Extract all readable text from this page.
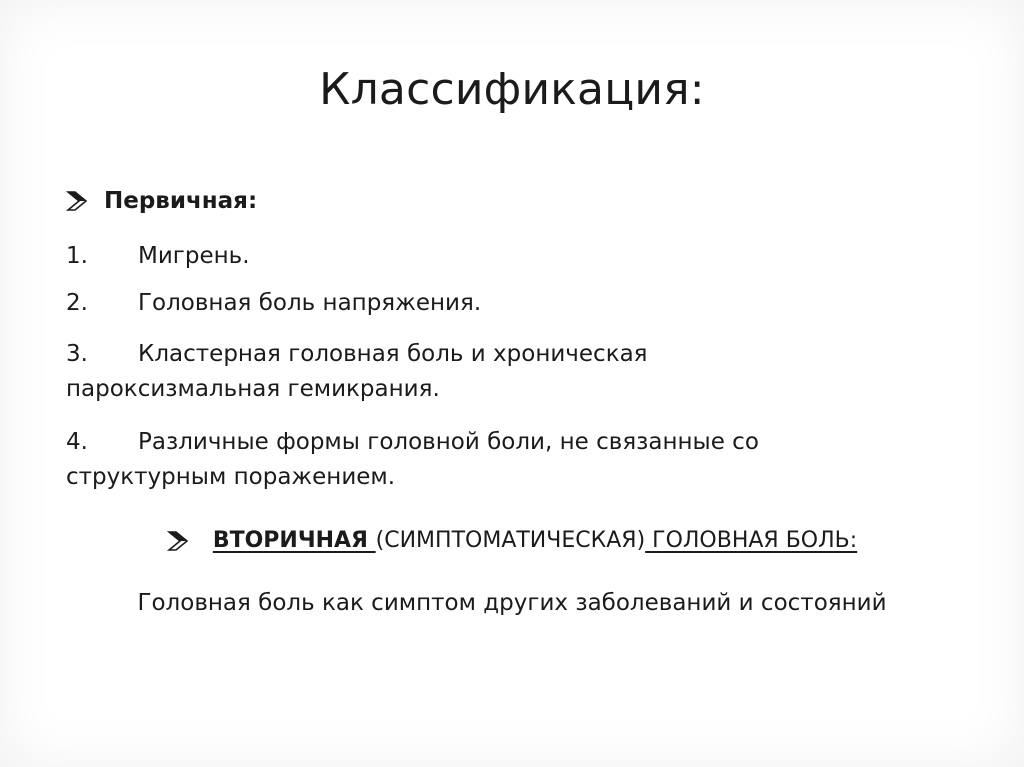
Классификация:
Первичная:
1. Мигрень.
2. Головная боль напряжения.
3. Кластерная головная боль и хроническая
пароксизмальная гемикрания.
4. Различные формы головной боли, не связанные со
структурным поражением.
ВТОРИЧНАЯ (СИМПТОМАТИЧЕСКАЯ) ГОЛОВНАЯ БОЛЬ:
Головная боль как симптом других заболеваний и состояний
